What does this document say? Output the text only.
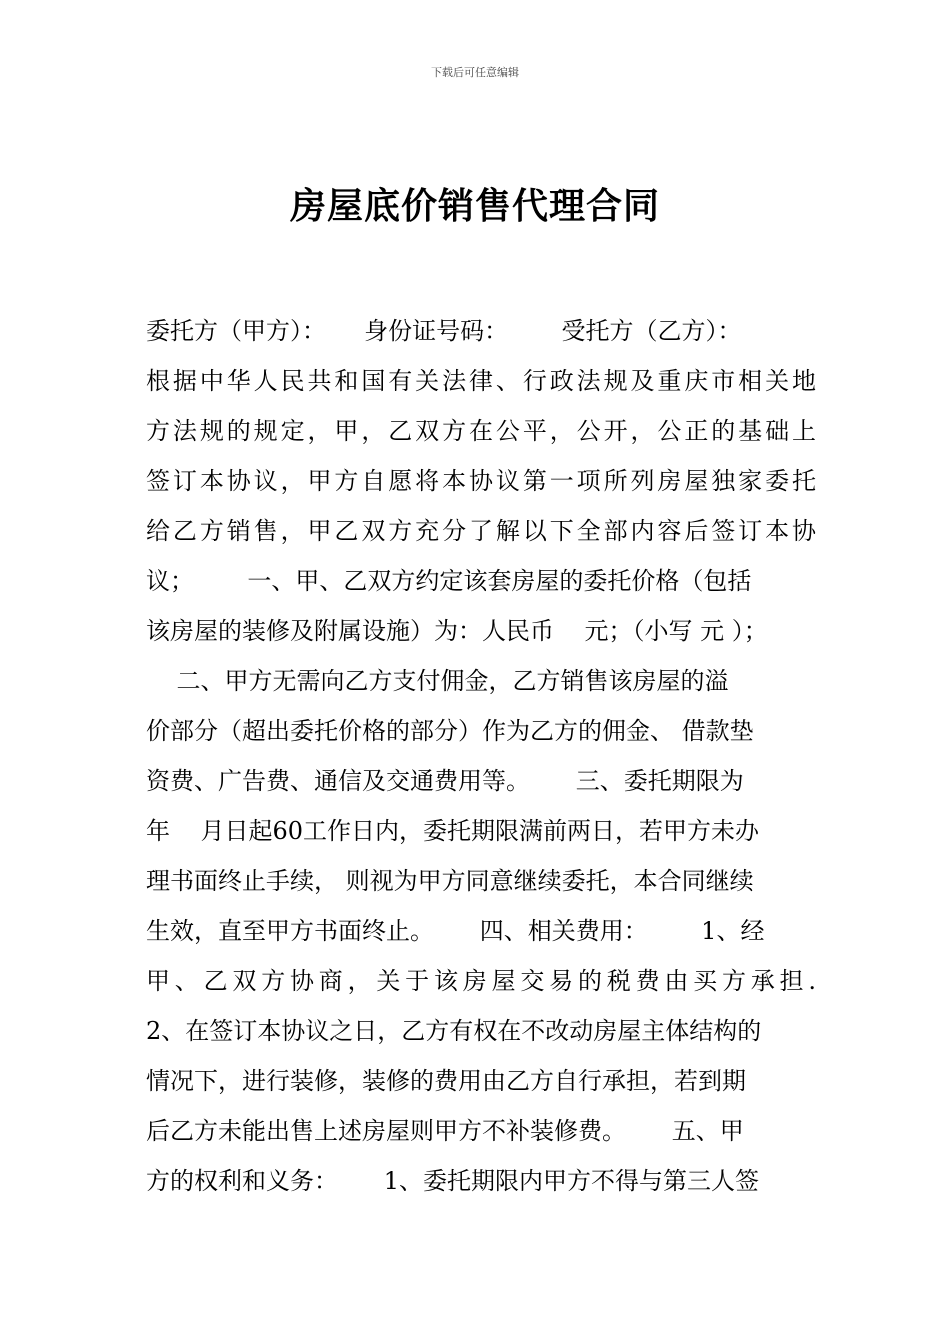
下载后可任意编辑
房屋底价销售代理合同
委托方（甲方）：     身份证号码：       受托方（乙方）：
根据中华人民共和国有关法律、行政法规及重庆市相关地
方法规的规定，甲，乙双方在公平，公开，公正的基础上
签订本协议，甲方自愿将本协议第一项所列房屋独家委托
给乙方销售，甲乙双方充分了解以下全部内容后签订本协
议；       一、甲、乙双方约定该套房屋的委托价格（包括
该房屋的装修及附属设施）为：人民币    元；（小写 元 ）；
二、甲方无需向乙方支付佣金，乙方销售该房屋的溢
价部分（超出委托价格的部分）作为乙方的佣金、 借款垫
资费、广告费、通信及交通费用等。      三、委托期限为
年    月日起60工作日内，委托期限满前两日，若甲方未办
理书面终止手续， 则视为甲方同意继续委托，本合同继续
生效，直至甲方书面终止。      四、相关费用：       1、经
甲、乙双方协商，关于该房屋交易的税费由买方承担.
2、在签订本协议之日，乙方有权在不改动房屋主体结构的
情况下，进行装修，装修的费用由乙方自行承担，若到期
后乙方未能出售上述房屋则甲方不补装修费。      五、甲
方的权利和义务：      1、委托期限内甲方不得与第三人签
